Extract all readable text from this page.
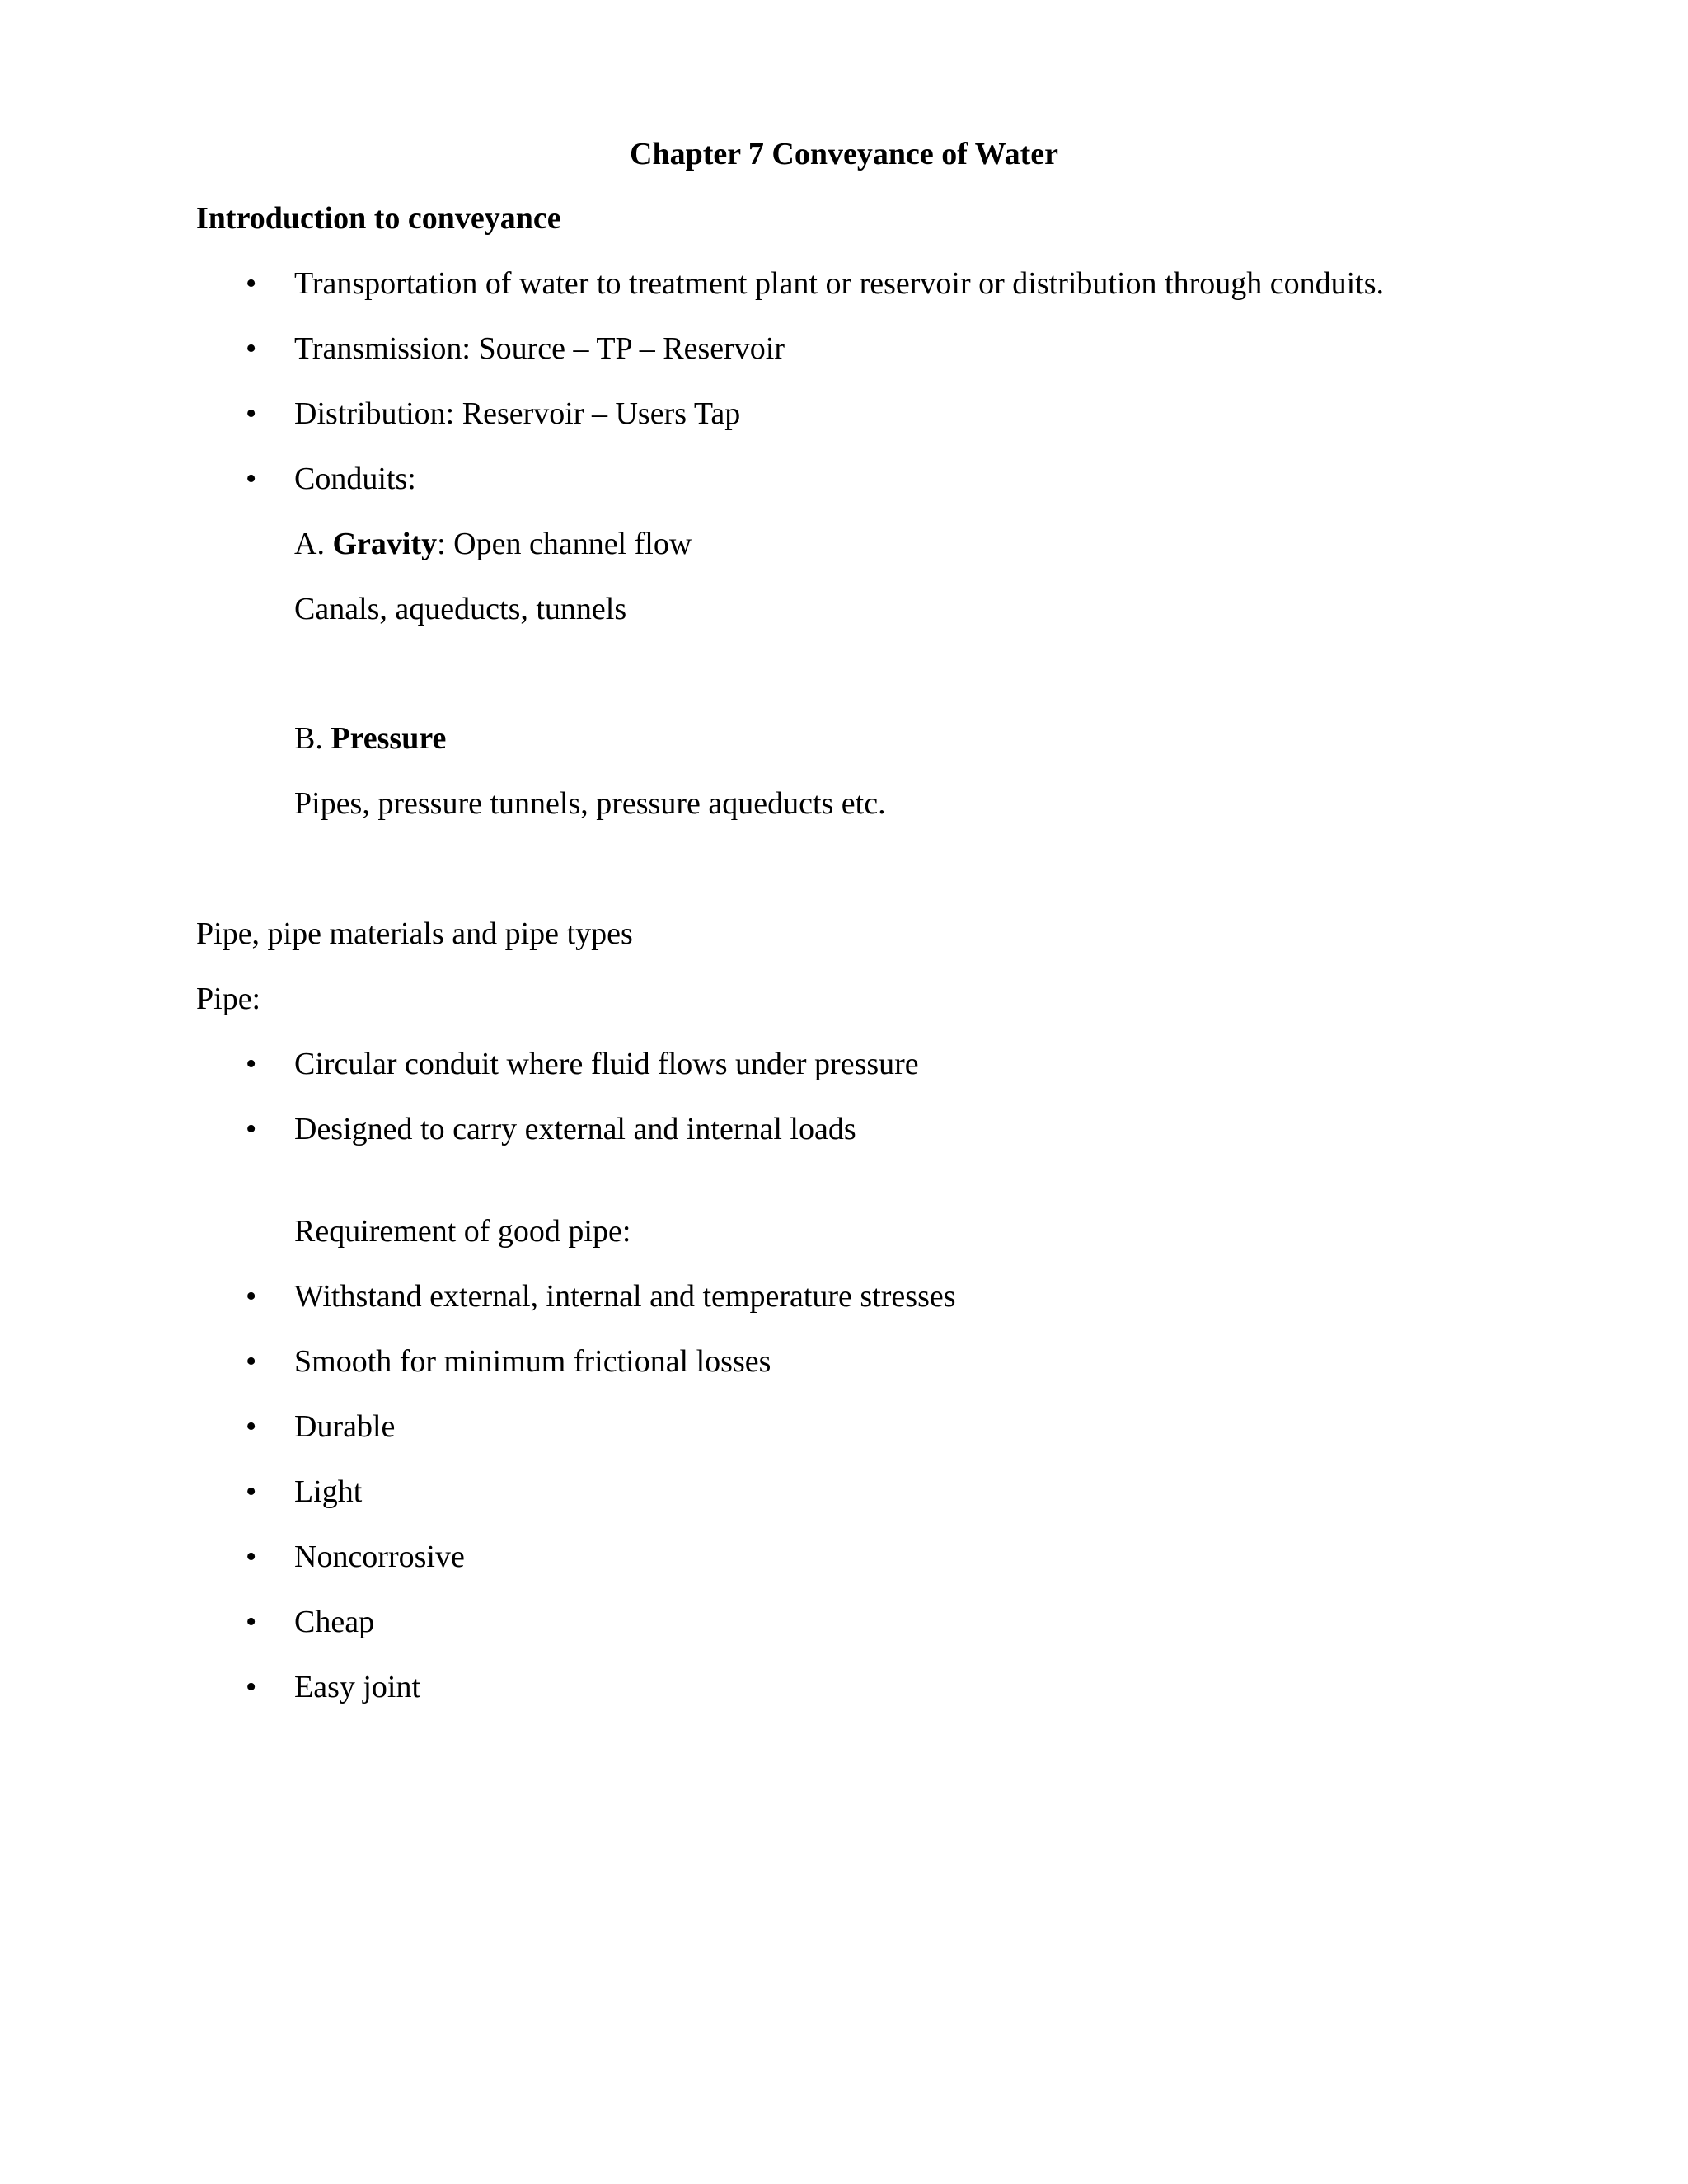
Chapter 7 Conveyance of Water
Introduction to conveyance
• Transportation of water to treatment plant or reservoir or distribution through conduits.
• Transmission: Source – TP – Reservoir
• Distribution: Reservoir – Users Tap
• Conduits:
A. Gravity: Open channel flow
Canals, aqueducts, tunnels
B. Pressure
Pipes, pressure tunnels, pressure aqueducts etc.
Pipe, pipe materials and pipe types
Pipe:
• Circular conduit where fluid flows under pressure
• Designed to carry external and internal loads
Requirement of good pipe:
• Withstand external, internal and temperature stresses
• Smooth for minimum frictional losses
• Durable
• Light
• Noncorrosive
• Cheap
• Easy joint
